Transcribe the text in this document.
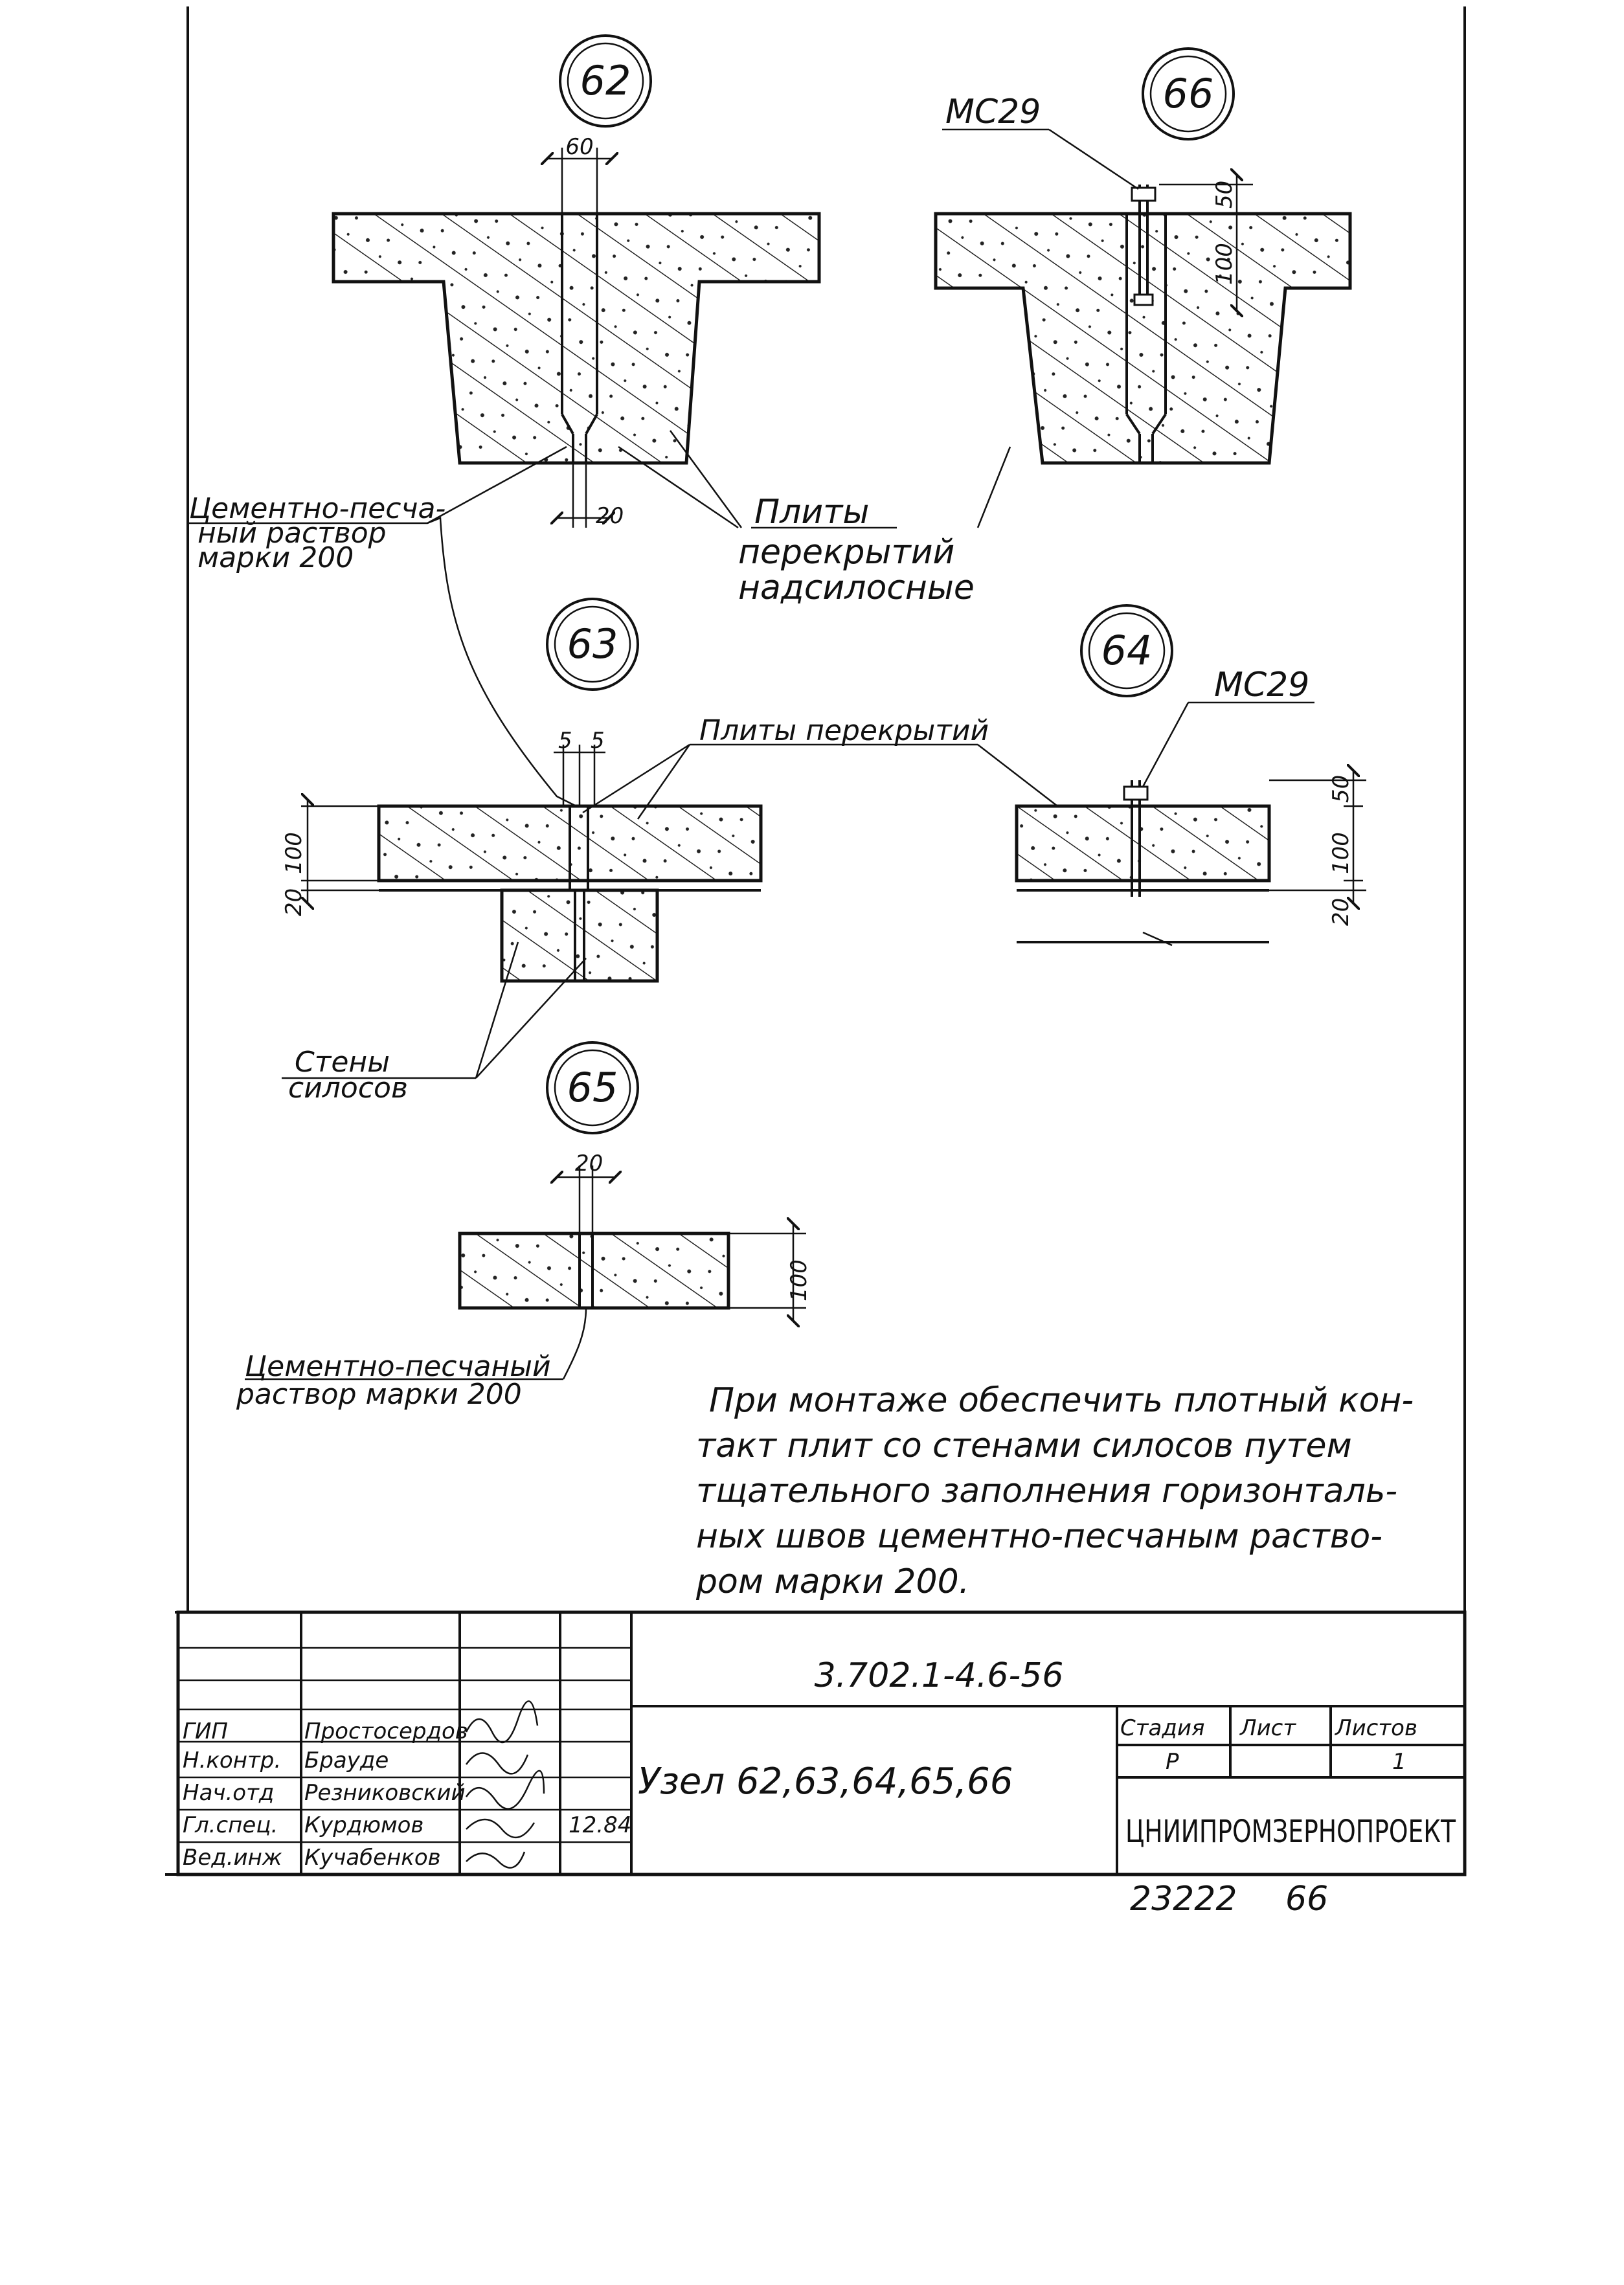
62
60
20
66
МС29
50
100
Плиты
перекрытий
надсилосные
Цементно-песча-
ный раствор
марки 200
63
5 5
100
20
Плиты перекрытий
Стены
силосов
64
МС29
50
100
20
65
20
100
Цементно-песчаный
раствор марки 200	При монтаже обеспечить плотный кон-
такт плит со стенами силосов путем
тщательного заполнения горизонталь-
ных швов цементно-песчаным раство-
ром марки 200.
3.702.1-4.6-56
Узел 62,63,64,65,66
Стадия Лист Листов
Р	1
ЦНИИПРОМЗЕРНОПРОЕКТ
ГИП
Н.контр.
Нач.отд
Гл.спец.
Вед.инж
Простосердов
Брауде
Резниковский
Курдюмов
Кучабенков
12.84
23222 66
